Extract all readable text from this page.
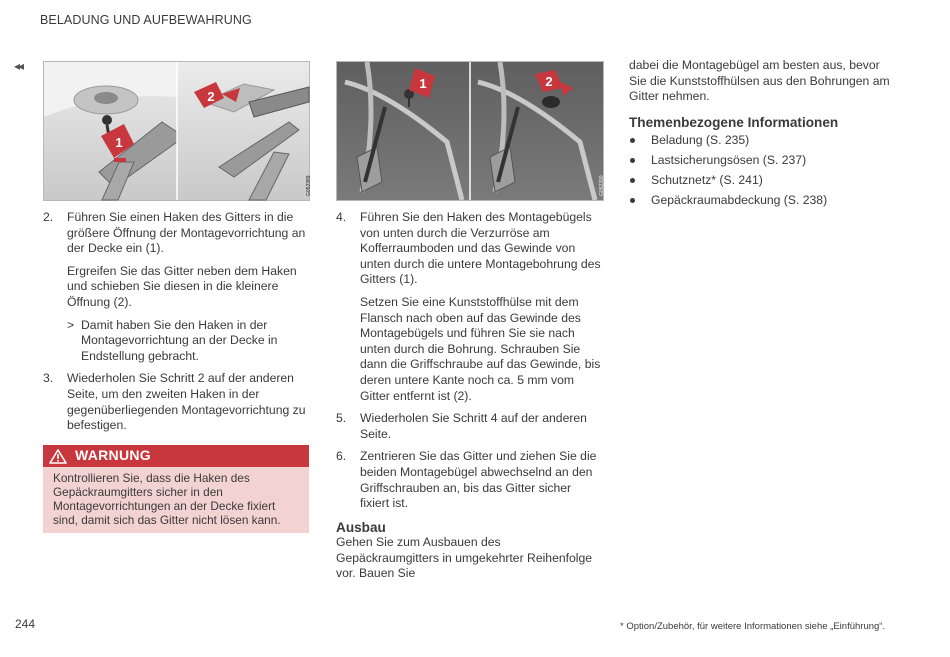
BELADUNG UND AUFBEWAHRUNG
◂◂
1
2
G052389
1	2
G052390
2. Führen Sie einen Haken des Gitters in die größere Öffnung der Montagevorrichtung an der Decke ein (1).
Ergreifen Sie das Gitter neben dem Haken und schieben Sie diesen in die kleinere Öffnung (2).
> Damit haben Sie den Haken in der Montagevorrichtung an der Decke in Endstellung gebracht.
3. Wiederholen Sie Schritt 2 auf der anderen Seite, um den zweiten Haken in der gegenüberliegenden Montagevorrichtung zu befestigen.
WARNUNG
Kontrollieren Sie, dass die Haken des Gepäckraumgitters sicher in den Montagevorrichtungen an der Decke fixiert sind, damit sich das Gitter nicht lösen kann.
4. Führen Sie den Haken des Montagebügels von unten durch die Verzurröse am Kofferraumboden und das Gewinde von unten durch die untere Montagebohrung des Gitters (1).
Setzen Sie eine Kunststoffhülse mit dem Flansch nach oben auf das Gewinde des Montagebügels und führen Sie sie nach unten durch die Bohrung. Schrauben Sie dann die Griffschraube auf das Gewinde, bis deren untere Kante noch ca. 5 mm vom Gitter entfernt ist (2).
5. Wiederholen Sie Schritt 4 auf der anderen Seite.
6. Zentrieren Sie das Gitter und ziehen Sie die beiden Montagebügel abwechselnd an den Griffschrauben an, bis das Gitter sicher fixiert ist.
Ausbau
Gehen Sie zum Ausbauen des Gepäckraumgitters in umgekehrter Reihenfolge vor. Bauen Sie
dabei die Montagebügel am besten aus, bevor Sie die Kunststoffhülsen aus den Bohrungen am Gitter nehmen.
Themenbezogene Informationen
Beladung (S. 235)
Lastsicherungsösen (S. 237)
Schutznetz* (S. 241)
Gepäckraumabdeckung (S. 238)
244	* Option/Zubehör, für weitere Informationen siehe „Einführung“.
